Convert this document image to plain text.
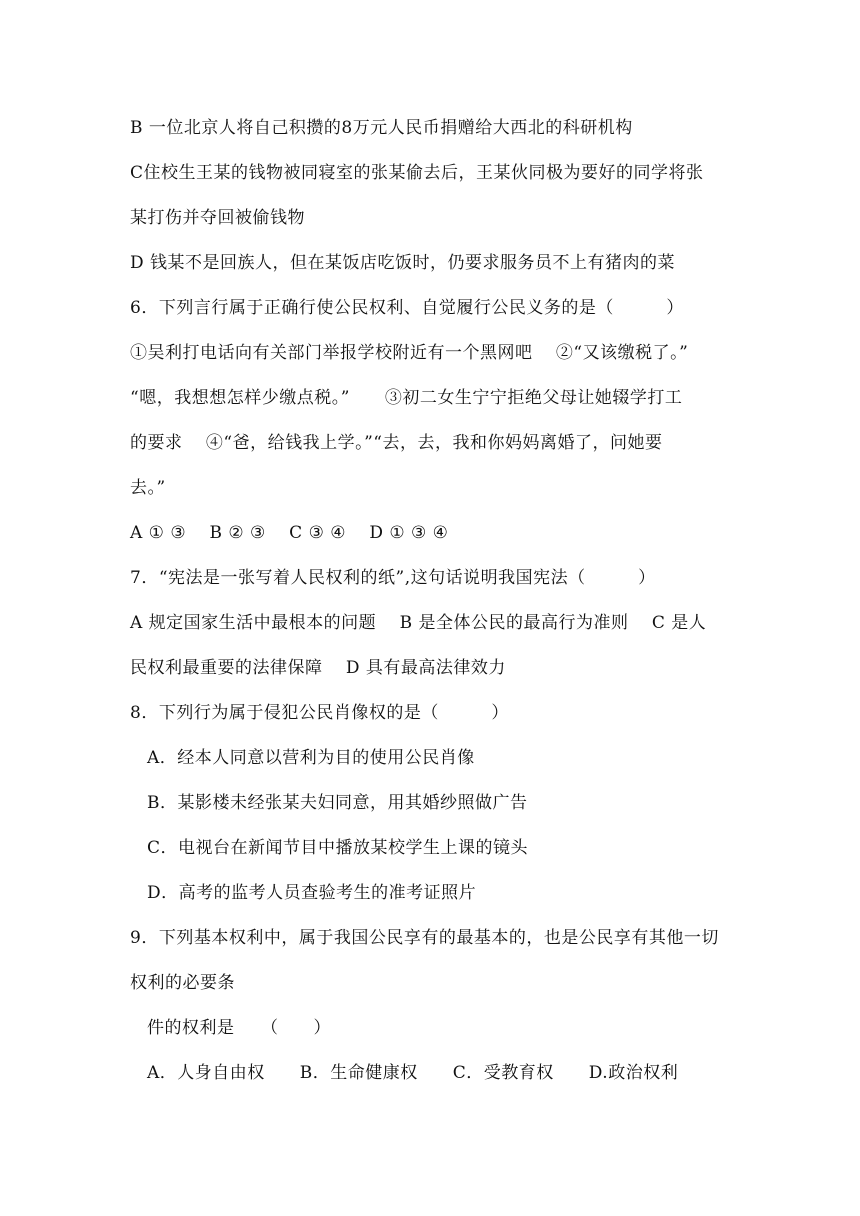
B 一位北京人将自己积攒的8万元人民币捐赠给大西北的科研机构
C住校生王某的钱物被同寝室的张某偷去后，王某伙同极为要好的同学将张
某打伤并夺回被偷钱物
D 钱某不是回族人，但在某饭店吃饭时，仍要求服务员不上有猪肉的菜
6．下列言行属于正确行使公民权利、自觉履行公民义务的是（　　　）
①吴利打电话向有关部门举报学校附近有一个黑网吧　 ②“又该缴税了。”
“嗯，我想想怎样少缴点税。”　　③初二女生宁宁拒绝父母让她辍学打工
的要求　 ④“爸，给钱我上学。”“去，去，我和你妈妈离婚了，问她要
去。”
A ① ③　 B ② ③　 C ③ ④　 D ① ③ ④
7．“宪法是一张写着人民权利的纸”,这句话说明我国宪法（　　　）
A 规定国家生活中最根本的问题　 B 是全体公民的最高行为准则　 C 是人
民权利最重要的法律保障　 D 具有最高法律效力
8．下列行为属于侵犯公民肖像权的是（　　　）
A．经本人同意以营利为目的使用公民肖像
B．某影楼未经张某夫妇同意，用其婚纱照做广告
C．电视台在新闻节目中播放某校学生上课的镜头
D．高考的监考人员查验考生的准考证照片
9．下列基本权利中，属于我国公民享有的最基本的，也是公民享有其他一切
权利的必要条
件的权利是　　（　　）
A．人身自由权　　B．生命健康权　　C．受教育权　　D.政治权利
